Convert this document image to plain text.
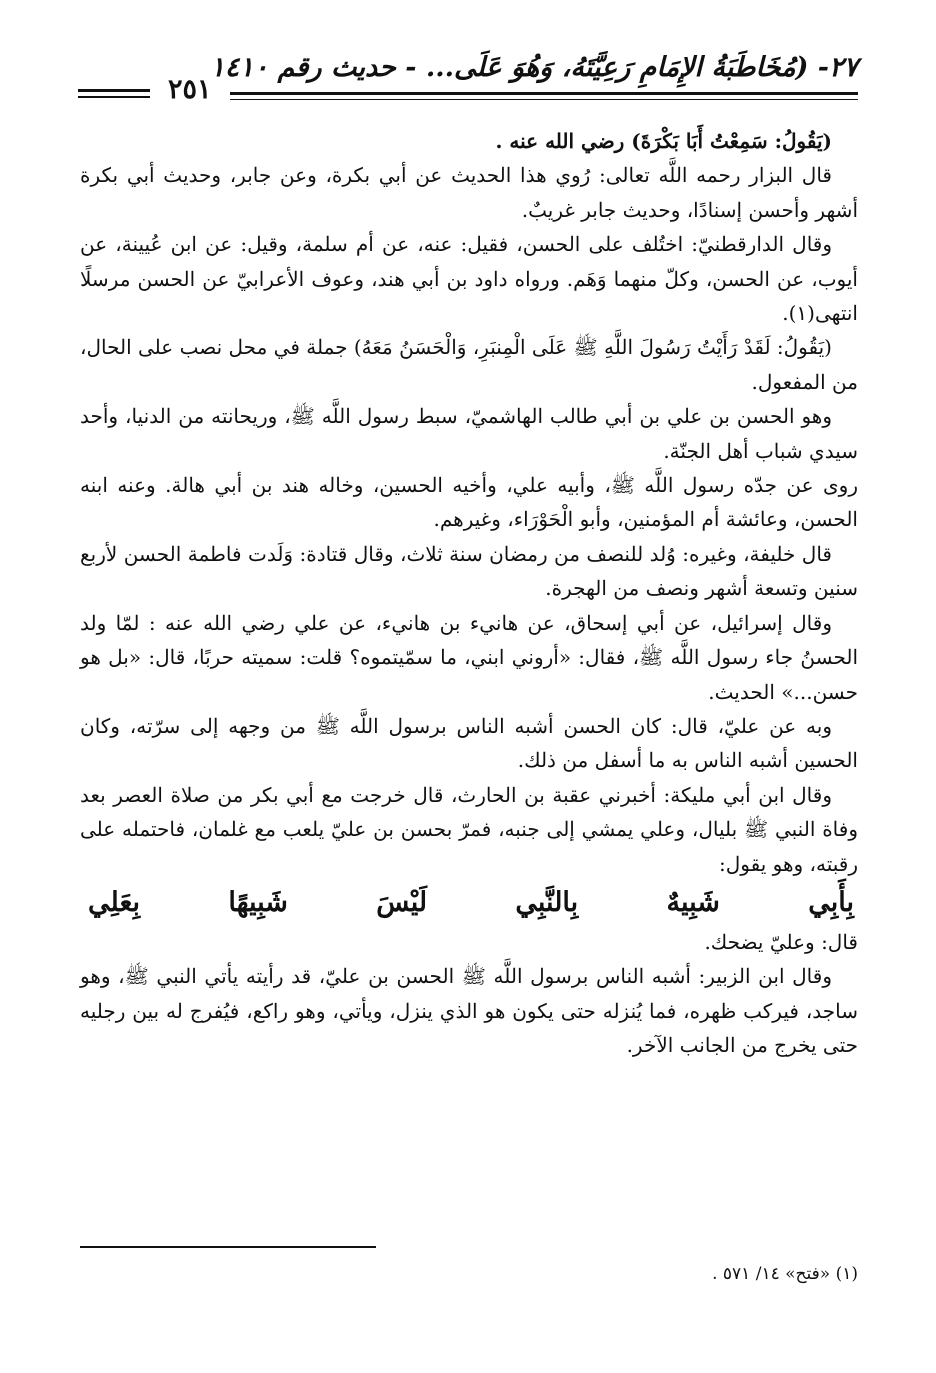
٢٧- (مُخَاطَبَةُ الإِمَامِ رَعِيَّتَهُ، وَهُوَ عَلَى... - حديث رقم ١٤١٠
٢٥١

(يَقُولُ: سَمِعْتُ أَبَا بَكْرَةَ) رضي الله عنه .

قال البزار رحمه اللَّه تعالى: رُوي هذا الحديث عن أبي بكرة، وعن جابر، وحديث أبي بكرة أشهر وأحسن إسنادًا، وحديث جابر غريبٌ.

وقال الدارقطنيّ: اختُلف على الحسن، فقيل: عنه، عن أم سلمة، وقيل: عن ابن عُيينة، عن أيوب، عن الحسن، وكلّ منهما وَهَم. ورواه داود بن أبي هند، وعوف الأعرابيّ عن الحسن مرسلًا انتهى(١).

(يَقُولُ: لَقَدْ رَأَيْتُ رَسُولَ اللَّهِ ﷺ عَلَى الْمِنبَرِ، وَالْحَسَنُ مَعَهُ) جملة في محل نصب على الحال، من المفعول.

وهو الحسن بن علي بن أبي طالب الهاشميّ، سبط رسول اللَّه ﷺ، وريحانته من الدنيا، وأحد سيدي شباب أهل الجنّة.

روى عن جدّه رسول اللَّه ﷺ، وأبيه علي، وأخيه الحسين، وخاله هند بن أبي هالة. وعنه ابنه الحسن، وعائشة أم المؤمنين، وأبو الْحَوْرَاء، وغيرهم.

قال خليفة، وغيره: وُلد للنصف من رمضان سنة ثلاث، وقال قتادة: وَلَدت فاطمة الحسن لأربع سنين وتسعة أشهر ونصف من الهجرة.

وقال إسرائيل، عن أبي إسحاق، عن هانيء بن هانيء، عن علي رضي الله عنه : لمّا ولد الحسنُ جاء رسول اللَّه ﷺ، فقال: «أروني ابني، ما سمّيتموه؟ قلت: سميته حربًا، قال: «بل هو حسن...» الحديث.

وبه عن عليّ، قال: كان الحسن أشبه الناس برسول اللَّه ﷺ من وجهه إلى سرّته، وكان الحسين أشبه الناس به ما أسفل من ذلك.

وقال ابن أبي مليكة: أخبرني عقبة بن الحارث، قال خرجت مع أبي بكر من صلاة العصر بعد وفاة النبي ﷺ بليال، وعلي يمشي إلى جنبه، فمرّ بحسن بن عليّ يلعب مع غلمان، فاحتمله على رقبته، وهو يقول:

بِأَبِي
شَبِيهٌ
بِالنَّبِي
لَيْسَ
شَبِيهًا
بِعَلِي

قال: وعليّ يضحك.

وقال ابن الزبير: أشبه الناس برسول اللَّه ﷺ الحسن بن عليّ، قد رأيته يأتي النبي ﷺ، وهو ساجد، فيركب ظهره، فما يُنزله حتى يكون هو الذي ينزل، ويأتي، وهو راكع، فيُفرج له بين رجليه حتى يخرج من الجانب الآخر.

(١) «فتح» ١٤/ ٥٧١ .
